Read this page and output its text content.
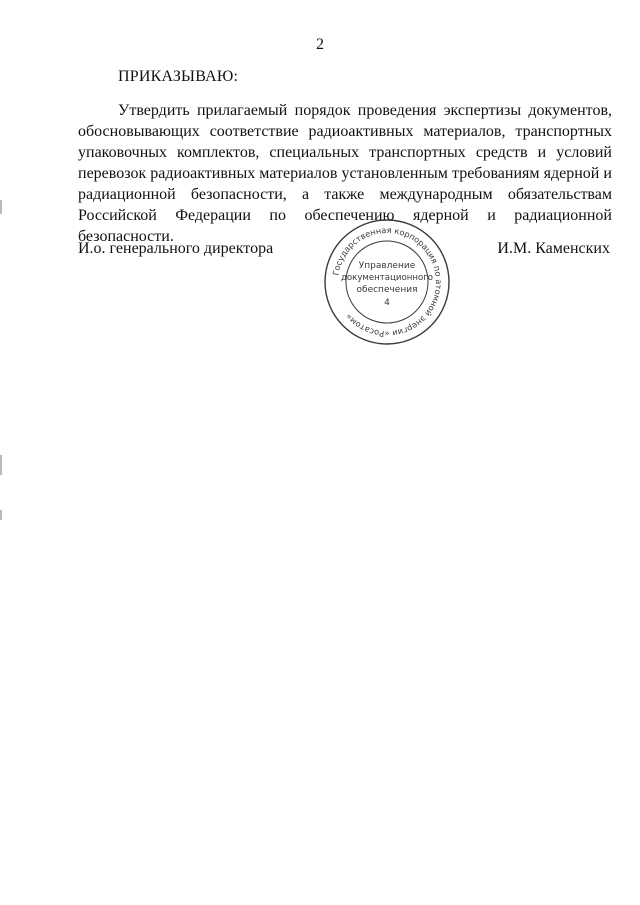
2
ПРИКАЗЫВАЮ:
Утвердить прилагаемый порядок проведения экспертизы документов, обосновывающих соответствие радиоактивных материалов, транспортных упаковочных комплектов, специальных транспортных средств и условий перевозок радиоактивных материалов установленным требованиям ядерной и радиационной безопасности, а также международным обязательствам Российской Федерации по обеспечению ядерной и радиационной безопасности.
И.о. генерального директора	И.М. Каменских
Государственная корпорация по атомной энергии «Росатом»
Управление
документационного
обеспечения
4
